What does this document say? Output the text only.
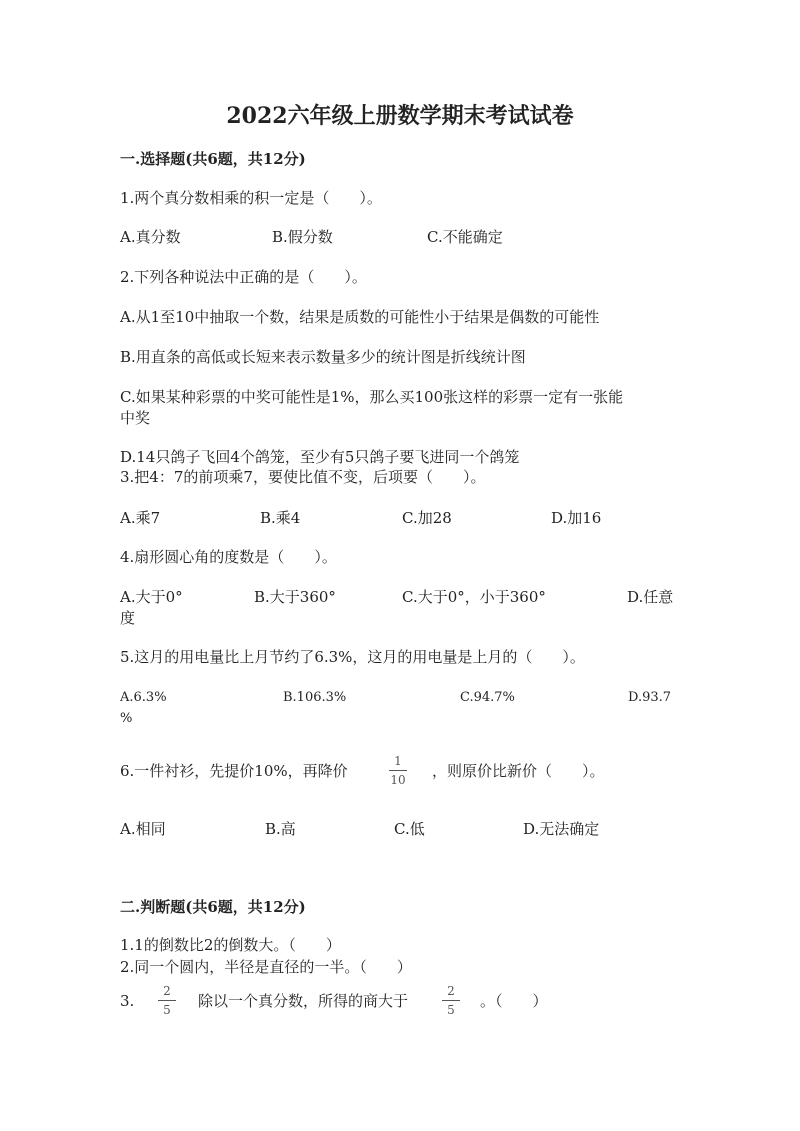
2022六年级上册数学期末考试试卷
一.选择题(共6题，共12分)
1.两个真分数相乘的积一定是（　　）。
A.真分数	B.假分数	C.不能确定
2.下列各种说法中正确的是（　　）。
A.从1至10中抽取一个数，结果是质数的可能性小于结果是偶数的可能性
B.用直条的高低或长短来表示数量多少的统计图是折线统计图
C.如果某种彩票的中奖可能性是1%，那么买100张这样的彩票一定有一张能
中奖
D.14只鸽子飞回4个鸽笼，至少有5只鸽子要飞进同一个鸽笼
3.把4：7的前项乘7，要使比值不变，后项要（　　）。
A.乘7	B.乘4	C.加28	D.加16
4.扇形圆心角的度数是（　　）。
A.大于0°	B.大于360°	C.大于0°，小于360°	D.任意
度
5.这月的用电量比上月节约了6.3%，这月的用电量是上月的（　　）。
A.6.3%	B.106.3%	C.94.7%	D.93.7
%
6.一件衬衫，先提价10%，再降价
1
10 ，则原价比新价（　　）。
A.相同	B.高	C.低	D.无法确定
二.判断题(共6题，共12分)
1.1的倒数比2的倒数大。（　　）
2.同一个圆内，半径是直径的一半。（　　）
3.
2
5 除以一个真分数，所得的商大于
2
5 。（　　）
